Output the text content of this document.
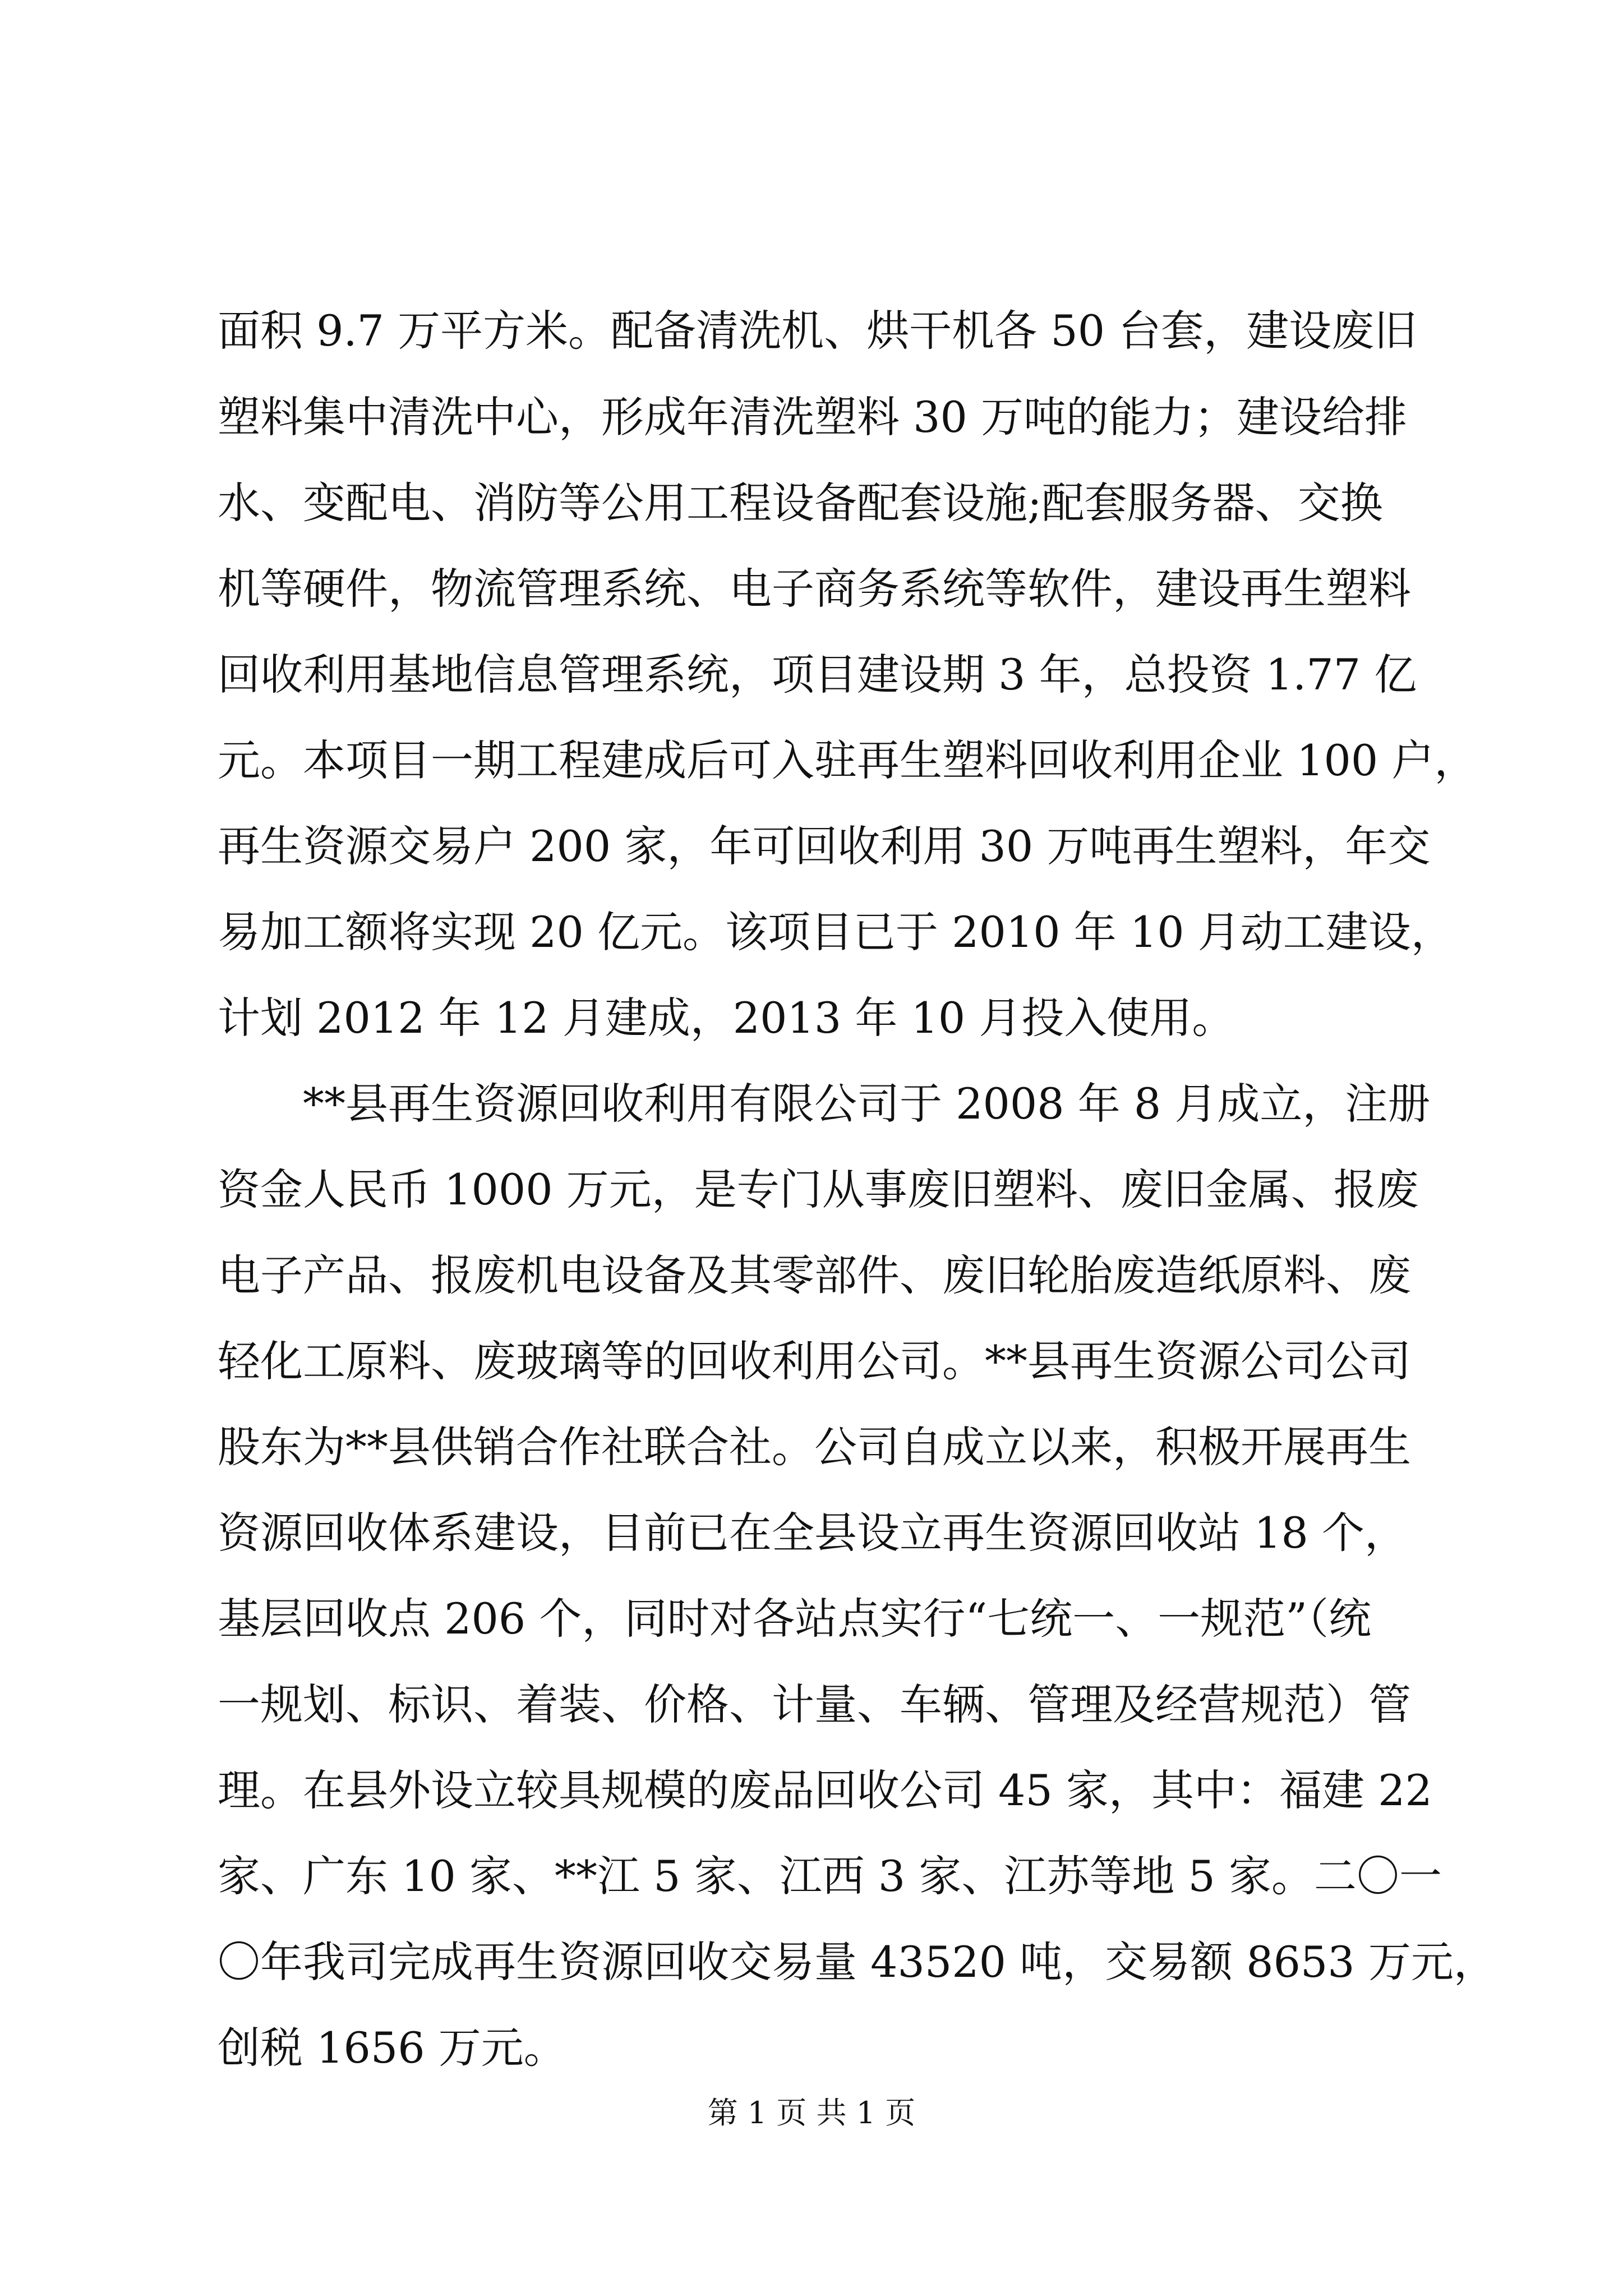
面积 9.7 万平方米。配备清洗机、烘干机各 50 台套，建设废旧
塑料集中清洗中心，形成年清洗塑料 30 万吨的能力；建设给排
水、变配电、消防等公用工程设备配套设施;配套服务器、交换
机等硬件，物流管理系统、电子商务系统等软件，建设再生塑料
回收利用基地信息管理系统，项目建设期 3 年，总投资 1.77 亿
元。本项目一期工程建成后可入驻再生塑料回收利用企业 100 户，
再生资源交易户 200 家，年可回收利用 30 万吨再生塑料，年交
易加工额将实现 20 亿元。该项目已于 2010 年 10 月动工建设，
计划 2012 年 12 月建成，2013 年 10 月投入使用。
　　**县再生资源回收利用有限公司于 2008 年 8 月成立，注册
资金人民币 1000 万元，是专门从事废旧塑料、废旧金属、报废
电子产品、报废机电设备及其零部件、废旧轮胎废造纸原料、废
轻化工原料、废玻璃等的回收利用公司。**县再生资源公司公司
股东为**县供销合作社联合社。公司自成立以来，积极开展再生
资源回收体系建设，目前已在全县设立再生资源回收站 18 个，
基层回收点 206 个，同时对各站点实行“七统一、一规范”（统
一规划、标识、着装、价格、计量、车辆、管理及经营规范）管
理。在县外设立较具规模的废品回收公司 45 家，其中：福建 22
家、广东 10 家、**江 5 家、江西 3 家、江苏等地 5 家。二〇一
〇年我司完成再生资源回收交易量 43520 吨，交易额 8653 万元，
创税 1656 万元。
第 1 页 共 1 页
